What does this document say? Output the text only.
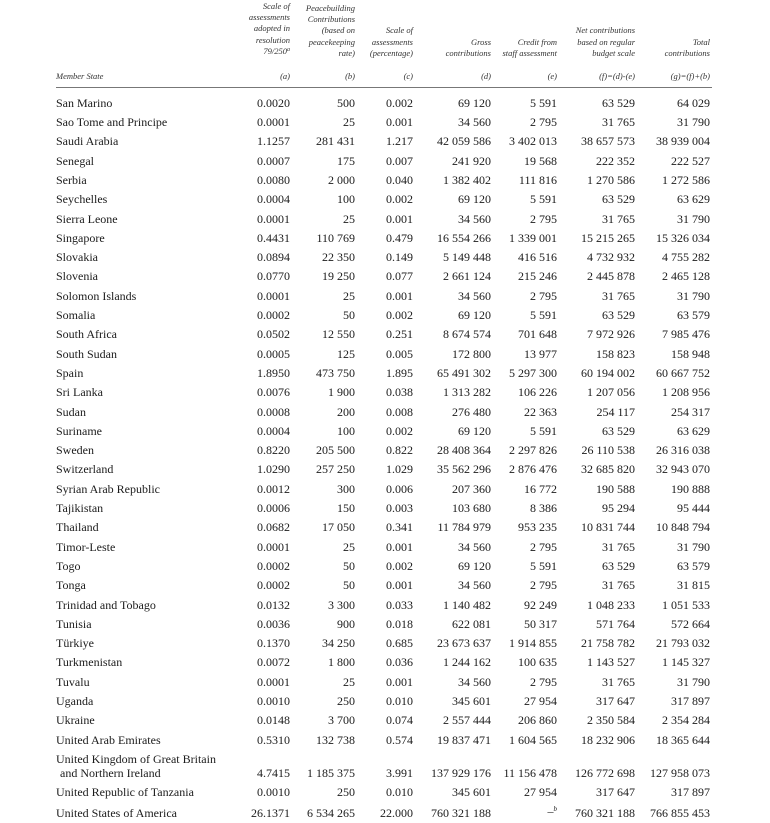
	Scale of
assessments
adopted in
resolution
79/250$^a$	Peacebuilding
Contributions
(based on
peacekeeping
rate)	Scale of
assessments
(percentage)	Gross
contributions	Credit from
staff assessment	Net contributions
based on regular
budget scale	Total
contributions
Member State	(a)	(b)	(c)	(d)	(e)	(f)=(d)-(e)	(g)=(f)+(b)

San Marino	0.0020	500	0.002	69 120	5 591	63 529	64 029
Sao Tome and Principe	0.0001	25	0.001	34 560	2 795	31 765	31 790
Saudi Arabia	1.1257	281 431	1.217	42 059 586	3 402 013	38 657 573	38 939 004
Senegal	0.0007	175	0.007	241 920	19 568	222 352	222 527
Serbia	0.0080	2 000	0.040	1 382 402	111 816	1 270 586	1 272 586
Seychelles	0.0004	100	0.002	69 120	5 591	63 529	63 629
Sierra Leone	0.0001	25	0.001	34 560	2 795	31 765	31 790
Singapore	0.4431	110 769	0.479	16 554 266	1 339 001	15 215 265	15 326 034
Slovakia	0.0894	22 350	0.149	5 149 448	416 516	4 732 932	4 755 282
Slovenia	0.0770	19 250	0.077	2 661 124	215 246	2 445 878	2 465 128
Solomon Islands	0.0001	25	0.001	34 560	2 795	31 765	31 790
Somalia	0.0002	50	0.002	69 120	5 591	63 529	63 579
South Africa	0.0502	12 550	0.251	8 674 574	701 648	7 972 926	7 985 476
South Sudan	0.0005	125	0.005	172 800	13 977	158 823	158 948
Spain	1.8950	473 750	1.895	65 491 302	5 297 300	60 194 002	60 667 752
Sri Lanka	0.0076	1 900	0.038	1 313 282	106 226	1 207 056	1 208 956
Sudan	0.0008	200	0.008	276 480	22 363	254 117	254 317
Suriname	0.0004	100	0.002	69 120	5 591	63 529	63 629
Sweden	0.8220	205 500	0.822	28 408 364	2 297 826	26 110 538	26 316 038
Switzerland	1.0290	257 250	1.029	35 562 296	2 876 476	32 685 820	32 943 070
Syrian Arab Republic	0.0012	300	0.006	207 360	16 772	190 588	190 888
Tajikistan	0.0006	150	0.003	103 680	8 386	95 294	95 444
Thailand	0.0682	17 050	0.341	11 784 979	953 235	10 831 744	10 848 794
Timor-Leste	0.0001	25	0.001	34 560	2 795	31 765	31 790
Togo	0.0002	50	0.002	69 120	5 591	63 529	63 579
Tonga	0.0002	50	0.001	34 560	2 795	31 765	31 815
Trinidad and Tobago	0.0132	3 300	0.033	1 140 482	92 249	1 048 233	1 051 533
Tunisia	0.0036	900	0.018	622 081	50 317	571 764	572 664
Türkiye	0.1370	34 250	0.685	23 673 637	1 914 855	21 758 782	21 793 032
Turkmenistan	0.0072	1 800	0.036	1 244 162	100 635	1 143 527	1 145 327
Tuvalu	0.0001	25	0.001	34 560	2 795	31 765	31 790
Uganda	0.0010	250	0.010	345 601	27 954	317 647	317 897
Ukraine	0.0148	3 700	0.074	2 557 444	206 860	2 350 584	2 354 284
United Arab Emirates	0.5310	132 738	0.574	19 837 471	1 604 565	18 232 906	18 365 644
United Kingdom of Great Britain and Northern Ireland	4.7415	1 185 375	3.991	137 929 176	11 156 478	126 772 698	127 958 073
United Republic of Tanzania	0.0010	250	0.010	345 601	27 954	317 647	317 897
United States of America	26.1371	6 534 265	22.000	760 321 188	–$^b$	760 321 188	766 855 453
